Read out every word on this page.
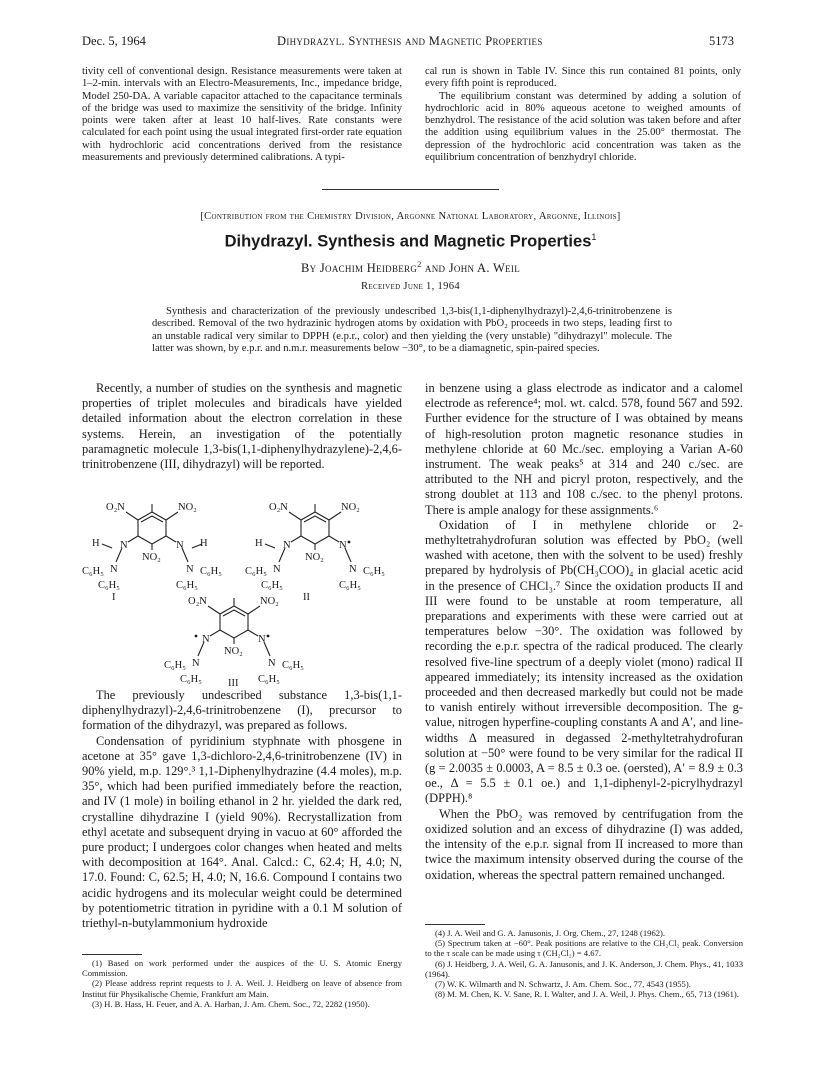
Dec. 5, 1964	Dihydrazyl. Synthesis and Magnetic Properties	5173

tivity cell of conventional design. Resistance measurements were taken at 1–2-min. intervals with an Electro-Measurements, Inc., impedance bridge, Model 250-DA. A variable capacitor attached to the capacitance terminals of the bridge was used to maximize the sensitivity of the bridge. Infinity points were taken after at least 10 half-lives. Rate constants were calculated for each point using the usual integrated first-order rate equation with hydrochloric acid concentrations derived from the resistance measurements and previously determined calibrations. A typi-

cal run is shown in Table IV. Since this run contained 81 points, only every fifth point is reproduced.

The equilibrium constant was determined by adding a solution of hydrochloric acid in 80% aqueous acetone to weighed amounts of benzhydrol. The resistance of the acid solution was taken before and after the addition using equilibrium values in the 25.00° thermostat. The depression of the hydrochloric acid concentration was taken as the equilibrium concentration of benzhydryl chloride.

[Contribution from the Chemistry Division, Argonne National Laboratory, Argonne, Illinois]
Dihydrazyl. Synthesis and Magnetic Properties$^1$
By Joachim Heidberg$^2$ and John A. Weil
Received June 1, 1964
Synthesis and characterization of the previously undescribed 1,3-bis(1,1-diphenylhydrazyl)-2,4,6-trinitrobenzene is described. Removal of the two hydrazinic hydrogen atoms by oxidation with PbO₂ proceeds in two steps, leading first to an unstable radical very similar to DPPH (e.p.r., color) and then yielding the (very unstable) "dihydrazyl" molecule. The latter was shown, by e.p.r. and n.m.r. measurements below −30°, to be a diamagnetic, spin-paired species.

Recently, a number of studies on the synthesis and magnetic properties of triplet molecules and biradicals have yielded detailed information about the electron correlation in these systems. Herein, an investigation of the potentially paramagnetic molecule 1,3-bis(1,1-diphenylhydrazylene)-2,4,6-trinitrobenzene (III, dihydrazyl) will be reported.

O₂N	NO₂
H N	N H
NO₂
N	N
C₆H₅	C₆H₅
C₆H₅	C₆H₅
I
O₂N	NO₂
H N	N
NO₂
N	N
C₆H₅	C₆H₅
C₆H₅	C₆H₅
II
O₂N	NO₂
N	N
NO₂
N	N
C₆H₅	C₆H₅
C₆H₅	C₆H₅
III

The previously undescribed substance 1,3-bis(1,1-diphenylhydrazyl)-2,4,6-trinitrobenzene (I), precursor to formation of the dihydrazyl, was prepared as follows.

Condensation of pyridinium styphnate with phosgene in acetone at 35° gave 1,3-dichloro-2,4,6-trinitrobenzene (IV) in 90% yield, m.p. 129°.³ 1,1-Diphenylhydrazine (4.4 moles), m.p. 35°, which had been purified immediately before the reaction, and IV (1 mole) in boiling ethanol in 2 hr. yielded the dark red, crystalline dihydrazine I (yield 90%). Recrystallization from ethyl acetate and subsequent drying in vacuo at 60° afforded the pure product; I undergoes color changes when heated and melts with decomposition at 164°. Anal. Calcd.: C, 62.4; H, 4.0; N, 17.0. Found: C, 62.5; H, 4.0; N, 16.6. Compound I contains two acidic hydrogens and its molecular weight could be determined by potentiometric titration in pyridine with a 0.1 M solution of triethyl-n-butylammonium hydroxide

(1) Based on work performed under the auspices of the U. S. Atomic Energy Commission.

(2) Please address reprint requests to J. A. Weil. J. Heidberg on leave of absence from Institut für Physikalische Chemie, Frankfurt am Main.

(3) H. B. Hass, H. Feuer, and A. A. Harban, J. Am. Chem. Soc., 72, 2282 (1950).

in benzene using a glass electrode as indicator and a calomel electrode as reference⁴; mol. wt. calcd. 578, found 567 and 592. Further evidence for the structure of I was obtained by means of high-resolution proton magnetic resonance studies in methylene chloride at 60 Mc./sec. employing a Varian A-60 instrument. The weak peaks⁵ at 314 and 240 c./sec. are attributed to the NH and picryl proton, respectively, and the strong doublet at 113 and 108 c./sec. to the phenyl protons. There is ample analogy for these assignments.⁶

Oxidation of I in methylene chloride or 2-methyltetrahydrofuran solution was effected by PbO₂ (well washed with acetone, then with the solvent to be used) freshly prepared by hydrolysis of Pb(CH₃COO)₄ in glacial acetic acid in the presence of CHCl₃.⁷ Since the oxidation products II and III were found to be unstable at room temperature, all preparations and experiments with these were carried out at temperatures below −30°. The oxidation was followed by recording the e.p.r. spectra of the radical produced. The clearly resolved five-line spectrum of a deeply violet (mono) radical II appeared immediately; its intensity increased as the oxidation proceeded and then decreased markedly but could not be made to vanish entirely without irreversible decomposition. The g-value, nitrogen hyperfine-coupling constants A and A′, and line-widths Δ measured in degassed 2-methyltetrahydrofuran solution at −50° were found to be very similar for the radical II (g = 2.0035 ± 0.0003, A = 8.5 ± 0.3 oe. (oersted), A′ = 8.9 ± 0.3 oe., Δ = 5.5 ± 0.1 oe.) and 1,1-diphenyl-2-picrylhydrazyl (DPPH).⁸

When the PbO₂ was removed by centrifugation from the oxidized solution and an excess of dihydrazine (I) was added, the intensity of the e.p.r. signal from II increased to more than twice the maximum intensity observed during the course of the oxidation, whereas the spectral pattern remained unchanged.

(4) J. A. Weil and G. A. Janusonis, J. Org. Chem., 27, 1248 (1962).

(5) Spectrum taken at −60°. Peak positions are relative to the CH₂Cl₂ peak. Conversion to the τ scale can be made using τ (CH₂Cl₂) = 4.67.

(6) J. Heidberg, J. A. Weil, G. A. Janusonis, and J. K. Anderson, J. Chem. Phys., 41, 1033 (1964).

(7) W. K. Wilmarth and N. Schwartz, J. Am. Chem. Soc., 77, 4543 (1955).

(8) M. M. Chen, K. V. Sane, R. I. Walter, and J. A. Weil, J. Phys. Chem., 65, 713 (1961).
